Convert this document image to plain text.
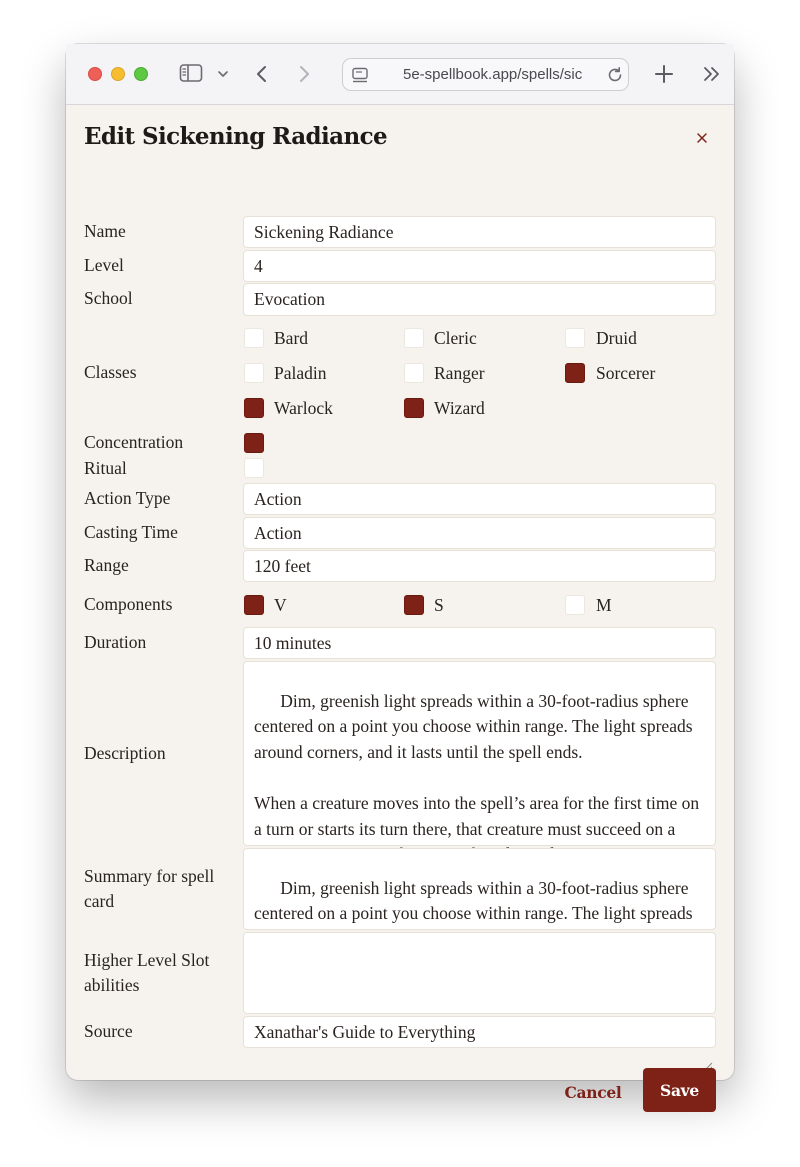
5e-spellbook.app/spells/sic
Edit Sickening Radiance
Name	Sickening Radiance
Level	4
School	Evocation
Classes
Bard	Cleric	Druid
Paladin	Ranger	Sorcerer
Warlock	Wizard
Concentration
Ritual
Action Type	Action
Casting Time	Action
Range	120 feet
Components	V	S	M
Duration	10 minutes
Description

Dim, greenish light spreads within a 30-foot-radius sphere centered on a point you choose within range. The light spreads around corners, and it lasts until the spell ends.

When a creature moves into the spell’s area for the first time on a turn or starts its turn there, that creature must succeed on a

Summary for spell card

Dim, greenish light spreads within a 30-foot-radius sphere centered on a point you choose within range. The light spreads

Higher Level Slot abilities

Source	Xanathar's Guide to Everything
Cancel	Save
